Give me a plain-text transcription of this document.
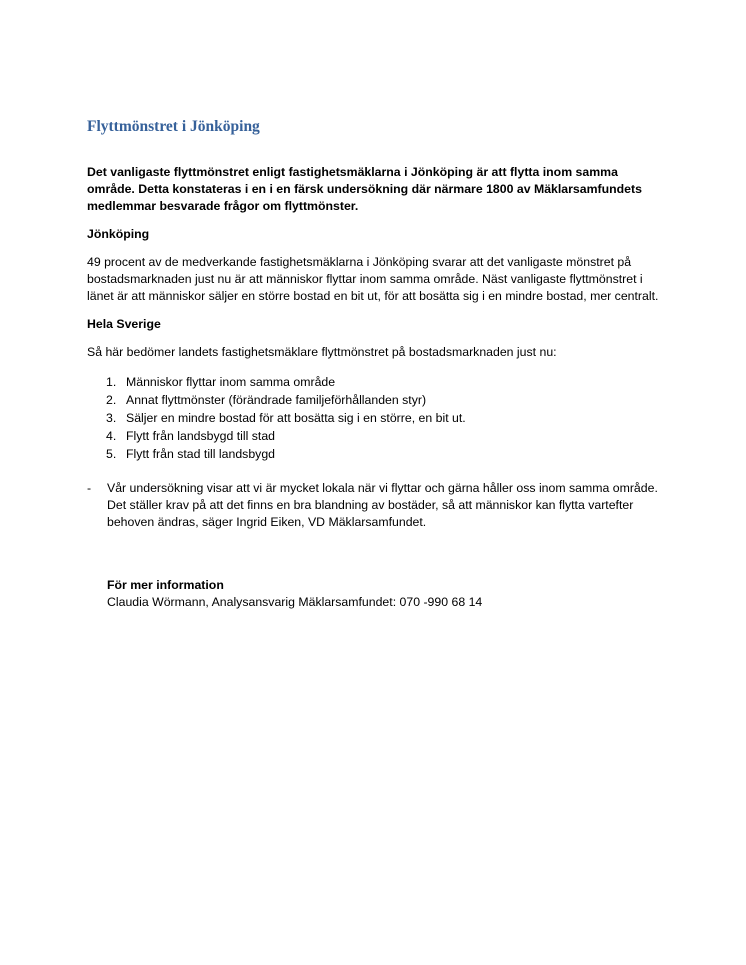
Flyttmönstret i Jönköping

Det vanligaste flyttmönstret enligt fastighetsmäklarna i Jönköping är att flytta inom samma område. Detta konstateras i en i en färsk undersökning där närmare 1800 av Mäklarsamfundets medlemmar besvarade frågor om flyttmönster.

Jönköping

49 procent av de medverkande fastighetsmäklarna i Jönköping svarar att det vanligaste mönstret på bostadsmarknaden just nu är att människor flyttar inom samma område. Näst vanligaste flyttmönstret i länet är att människor säljer en större bostad en bit ut, för att bosätta sig i en mindre bostad, mer centralt.

Hela Sverige

Så här bedömer landets fastighetsmäklare flyttmönstret på bostadsmarknaden just nu:

1. Människor flyttar inom samma område
2. Annat flyttmönster (förändrade familjeförhållanden styr)
3. Säljer en mindre bostad för att bosätta sig i en större, en bit ut.
4. Flytt från landsbygd till stad
5. Flytt från stad till landsbygd
-	Vår undersökning visar att vi är mycket lokala när vi flyttar och gärna håller oss inom samma område. Det ställer krav på att det finns en bra blandning av bostäder, så att människor kan flytta vartefter behoven ändras, säger Ingrid Eiken, VD Mäklarsamfundet.
För mer information
Claudia Wörmann, Analysansvarig Mäklarsamfundet: 070 -990 68 14
